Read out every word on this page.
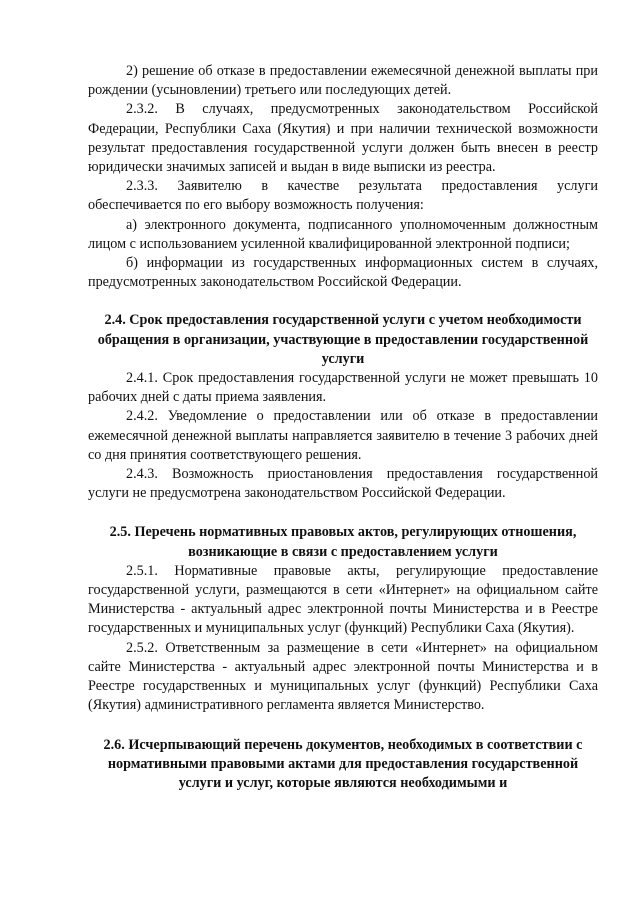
2) решение об отказе в предоставлении ежемесячной денежной выплаты при рождении (усыновлении) третьего или последующих детей.

2.3.2. В случаях, предусмотренных законодательством Российской Федерации, Республики Саха (Якутия) и при наличии технической возможности результат предоставления государственной услуги должен быть внесен в реестр юридически значимых записей и выдан в виде выписки из реестра.

2.3.3. Заявителю в качестве результата предоставления услуги обеспечивается по его выбору возможность получения:

а) электронного документа, подписанного уполномоченным должностным лицом с использованием усиленной квалифицированной электронной подписи;

б) информации из государственных информационных систем в случаях, предусмотренных законодательством Российской Федерации.

2.4. Срок предоставления государственной услуги с учетом необходимости обращения в организации, участвующие в предоставлении государственной услуги

2.4.1. Срок предоставления государственной услуги не может превышать 10 рабочих дней с даты приема заявления.

2.4.2. Уведомление о предоставлении или об отказе в предоставлении ежемесячной денежной выплаты направляется заявителю в течение 3 рабочих дней со дня принятия соответствующего решения.

2.4.3. Возможность приостановления предоставления государственной услуги не предусмотрена законодательством Российской Федерации.

2.5. Перечень нормативных правовых актов, регулирующих отношения, возникающие в связи с предоставлением услуги

2.5.1. Нормативные правовые акты, регулирующие предоставление государственной услуги, размещаются в сети «Интернет» на официальном сайте Министерства - актуальный адрес электронной почты Министерства и в Реестре государственных и муниципальных услуг (функций) Республики Саха (Якутия).

2.5.2. Ответственным за размещение в сети «Интернет» на официальном сайте Министерства - актуальный адрес электронной почты Министерства и в Реестре государственных и муниципальных услуг (функций) Республики Саха (Якутия) административного регламента является Министерство.

2.6. Исчерпывающий перечень документов, необходимых в соответствии с нормативными правовыми актами для предоставления государственной услуги и услуг, которые являются необходимыми и
